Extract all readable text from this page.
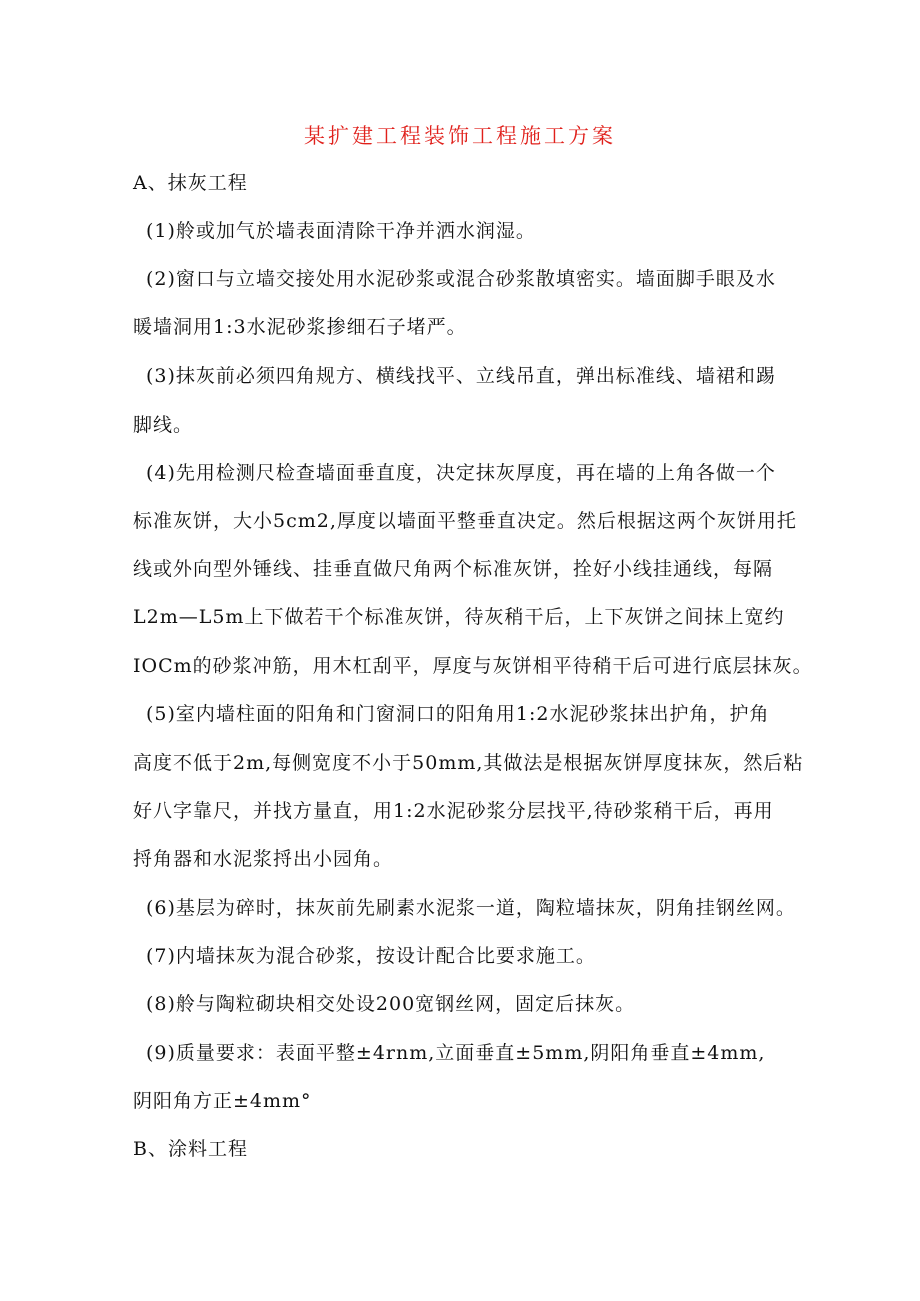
某扩建工程装饰工程施工方案
A、抹灰工程
(1)舲或加气於墙表面清除干净并洒水润湿。
(2)窗口与立墙交接处用水泥砂浆或混合砂浆散填密实。墙面脚手眼及水
暖墙洞用1:3水泥砂浆掺细石子堵严。
(3)抹灰前必须四角规方、横线找平、立线吊直，弹出标准线、墙裙和踢
脚线。
(4)先用检测尺检查墙面垂直度，决定抹灰厚度，再在墙的上角各做一个
标准灰饼，大小5cm2,厚度以墙面平整垂直决定。然后根据这两个灰饼用托
线或外向型外锤线、挂垂直做尺角两个标准灰饼，拴好小线挂通线，每隔
L2m—L5m上下做若干个标准灰饼，待灰稍干后，上下灰饼之间抹上宽约
IOCm的砂浆冲筋，用木杠刮平，厚度与灰饼相平待稍干后可进行底层抹灰。
(5)室内墙柱面的阳角和门窗洞口的阳角用1:2水泥砂浆抹出护角，护角
高度不低于2m,每侧宽度不小于50mm,其做法是根据灰饼厚度抹灰，然后粘
好八字靠尺，并找方量直，用1:2水泥砂浆分层找平,待砂浆稍干后，再用
捋角器和水泥浆捋出小园角。
(6)基层为碎时，抹灰前先刷素水泥浆一道，陶粒墙抹灰，阴角挂钢丝网。
(7)内墙抹灰为混合砂浆，按设计配合比要求施工。
(8)舲与陶粒砌块相交处设200宽钢丝网，固定后抹灰。
(9)质量要求：表面平整±4rnm,立面垂直±5mm,阴阳角垂直±4mm,
阴阳角方正±4mm°
B、涂料工程
